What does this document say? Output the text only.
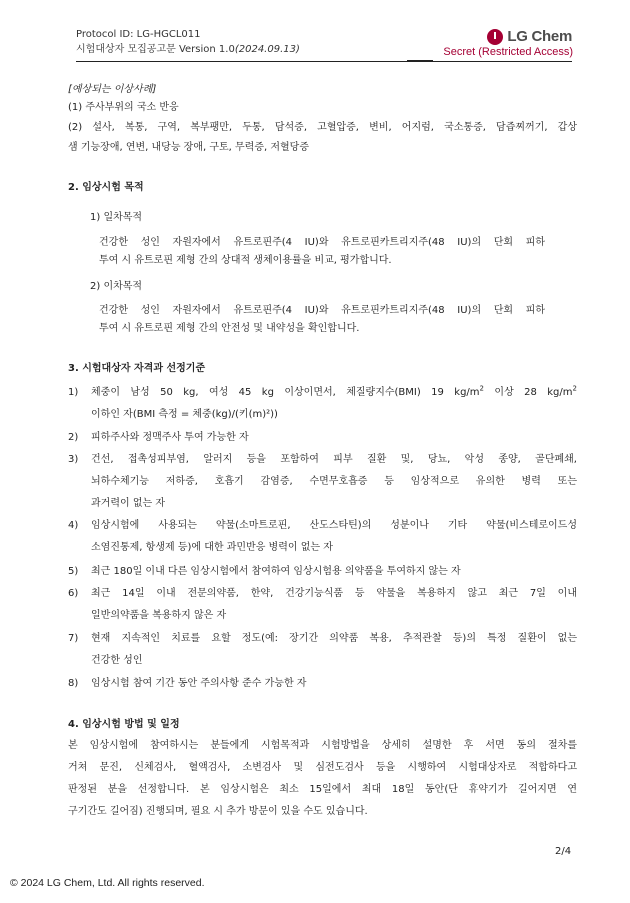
Protocol ID: LG-HGCL011
시험대상자 모집공고문 Version 1.0(2024.09.13)
LG Chem
Secret (Restricted Access)
[예상되는 이상사례]
(1) 주사부위의 국소 반응
(2) 설사, 복통, 구역, 복부팽만, 두통, 담석증, 고혈압증, 변비, 어지럼, 국소통증, 담즙찌꺼기, 갑상
샘 기능장애, 연변, 내당능 장애, 구토, 무력증, 저혈당증
2. 임상시험 목적
1) 일차목적
건강한 성인 자원자에서 유트로핀주(4 IU)와 유트로핀카트리지주(48 IU)의 단회 피하
투여 시 유트로핀 제형 간의 상대적 생체이용률을 비교, 평가합니다.
2) 이차목적
건강한 성인 자원자에서 유트로핀주(4 IU)와 유트로핀카트리지주(48 IU)의 단회 피하
투여 시 유트로핀 제형 간의 안전성 및 내약성을 확인합니다.
3. 시험대상자 자격과 선정기준
1) 체중이 남성 50 kg, 여성 45 kg 이상이면서, 체질량지수(BMI) 19 $kg/m^2$ 이상 28 $kg/m^2$
이하인 자(BMI 측정 = 체중(kg)/(키(m)²))
2) 피하주사와 정맥주사 투여 가능한 자
3) 건선, 접촉성피부염, 알러지 등을 포함하여 피부 질환 및, 당뇨, 악성 종양, 골단폐쇄,
뇌하수체기능 저하증, 호흡기 감염증, 수면무호흡증 등 임상적으로 유의한 병력 또는
과거력이 없는 자
4) 임상시험에 사용되는 약물(소마트로핀, 산도스타틴)의 성분이나 기타 약물(비스테로이드성
소염진통제, 항생제 등)에 대한 과민반응 병력이 없는 자
5) 최근 180일 이내 다른 임상시험에서 참여하여 임상시험용 의약품을 투여하지 않는 자
6) 최근 14일 이내 전문의약품, 한약, 건강기능식품 등 약물을 복용하지 않고 최근 7일 이내
일반의약품을 복용하지 않은 자
7) 현재 지속적인 치료를 요할 정도(예: 장기간 의약품 복용, 추적관찰 등)의 특정 질환이 없는
건강한 성인
8) 임상시험 참여 기간 동안 주의사항 준수 가능한 자
4. 임상시험 방법 및 일정
본 임상시험에 참여하시는 분들에게 시험목적과 시험방법을 상세히 설명한 후 서면 동의 절차를
거쳐 문진, 신체검사, 혈액검사, 소변검사 및 심전도검사 등을 시행하여 시험대상자로 적합하다고
판정된 분을 선정합니다. 본 임상시험은 최소 15일에서 최대 18일 동안(단 휴약기가 길어지면 연
구기간도 길어짐) 진행되며, 필요 시 추가 방문이 있을 수도 있습니다.
2/4
© 2024 LG Chem, Ltd. All rights reserved.
